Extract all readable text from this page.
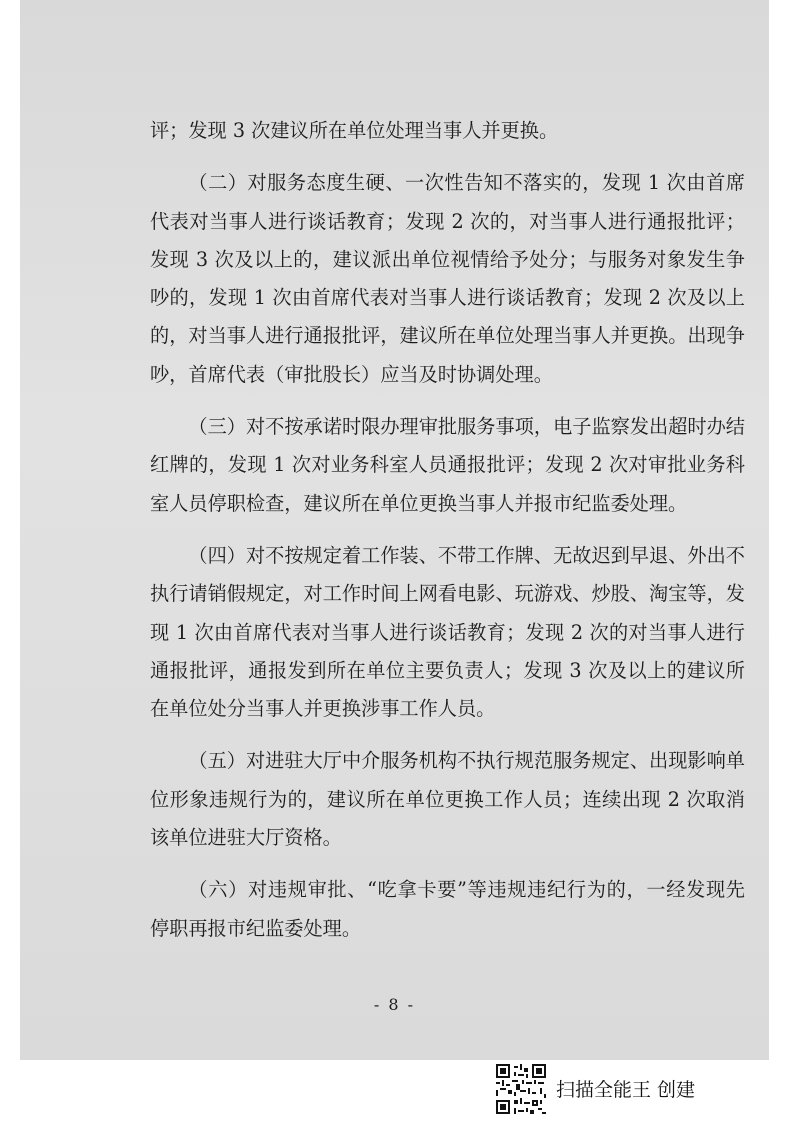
评；发现 3 次建议所在单位处理当事人并更换。

（二）对服务态度生硬、一次性告知不落实的，发现 1 次由首席代表对当事人进行谈话教育；发现 2 次的，对当事人进行通报批评；发现 3 次及以上的，建议派出单位视情给予处分；与服务对象发生争吵的，发现 1 次由首席代表对当事人进行谈话教育；发现 2 次及以上的，对当事人进行通报批评，建议所在单位处理当事人并更换。出现争吵，首席代表（审批股长）应当及时协调处理。

（三）对不按承诺时限办理审批服务事项，电子监察发出超时办结红牌的，发现 1 次对业务科室人员通报批评；发现 2 次对审批业务科室人员停职检查，建议所在单位更换当事人并报市纪监委处理。

（四）对不按规定着工作装、不带工作牌、无故迟到早退、外出不执行请销假规定，对工作时间上网看电影、玩游戏、炒股、淘宝等，发现 1 次由首席代表对当事人进行谈话教育；发现 2 次的对当事人进行通报批评，通报发到所在单位主要负责人；发现 3 次及以上的建议所在单位处分当事人并更换涉事工作人员。

（五）对进驻大厅中介服务机构不执行规范服务规定、出现影响单位形象违规行为的，建议所在单位更换工作人员；连续出现 2 次取消该单位进驻大厅资格。

（六）对违规审批、“吃拿卡要”等违规违纪行为的，一经发现先停职再报市纪监委处理。

- 8 -
扫描全能王 创建
